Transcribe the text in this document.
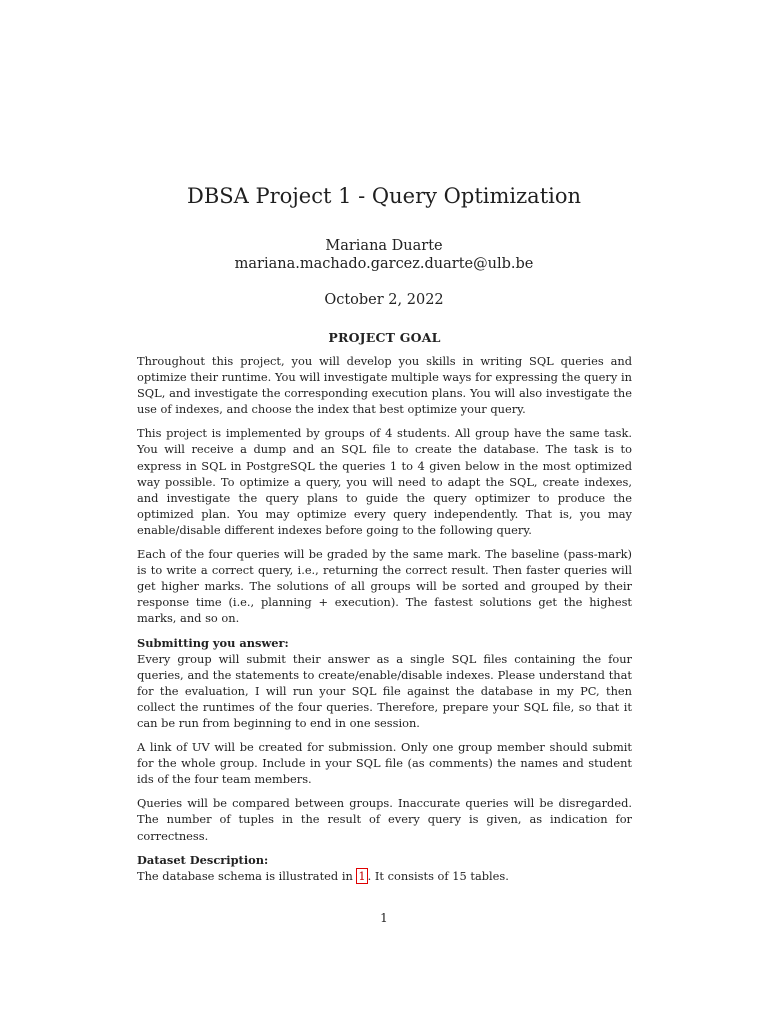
DBSA Project 1 - Query Optimization
Mariana Duarte
mariana.machado.garcez.duarte@ulb.be
October 2, 2022
PROJECT GOAL

Throughout this project, you will develop you skills in writing SQL queries and optimize their runtime. You will investigate multiple ways for expressing the query in SQL, and investigate the corresponding execution plans. You will also investigate the use of indexes, and choose the index that best optimize your query.

This project is implemented by groups of 4 students. All group have the same task. You will receive a dump and an SQL file to create the database. The task is to express in SQL in PostgreSQL the queries 1 to 4 given below in the most optimized way possible. To optimize a query, you will need to adapt the SQL, create indexes, and investigate the query plans to guide the query optimizer to produce the optimized plan. You may optimize every query independently. That is, you may enable/disable different indexes before going to the following query.

Each of the four queries will be graded by the same mark. The baseline (pass-mark) is to write a correct query, i.e., returning the correct result. Then faster queries will get higher marks. The solutions of all groups will be sorted and grouped by their response time (i.e., planning + execution). The fastest solutions get the highest marks, and so on.

Submitting you answer:

Every group will submit their answer as a single SQL files containing the four queries, and the statements to create/enable/disable indexes. Please understand that for the evaluation, I will run your SQL file against the database in my PC, then collect the runtimes of the four queries. Therefore, prepare your SQL file, so that it can be run from beginning to end in one session.

A link of UV will be created for submission. Only one group member should submit for the whole group. Include in your SQL file (as comments) the names and student ids of the four team members.

Queries will be compared between groups. Inaccurate queries will be disregarded. The number of tuples in the result of every query is given, as indication for correctness.

Dataset Description:

The database schema is illustrated in 1 . It consists of 15 tables.

1
